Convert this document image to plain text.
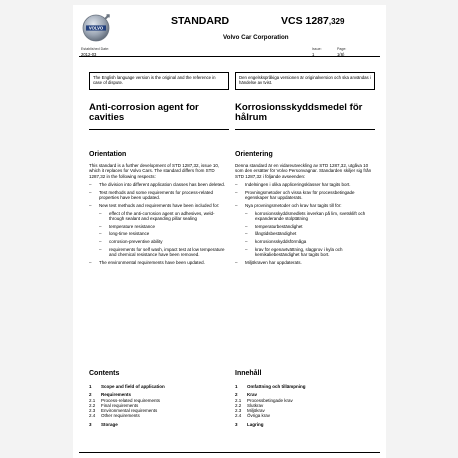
VOLVO
STANDARD	VCS 1287,329
Volvo Car Corporation
Established Date:
2012-03
Issue:
1
Page:
1(6)
The English language version is the original and the reference in case of dispute.
Den engelskspråkiga versionen är originalversion och ska användas i händelse av tvist.
Anti-corrosion agent for cavities
Korrosionsskyddsmedel för hålrum
Orientation	Orientering
This standard is a further development of STD 1287,32, issue 10, which it replaces for Volvo Cars. The standard differs from STD 1287,32 in the following respects:
– The division into different application classes has been deleted.
– Test methods and some requirements for process-related properties have been updated.
– New test methods and requirements have been included for:
– effect of the anti-corrosion agent on adhesives, weld-through sealant and expanding pillar sealing
– temperature resistance
– long-time resistance
– corrosion-preventive ability
– requirements for self wash, impact test at low temperature and chemical resistance have been removed.
– The environmental requirements have been updated.
Denna standard är en vidareutveckling av STD 1287,32, utgåva 10 som den ersätter för Volvo Personvagnar. Standarden skiljer sig från STD 1287,32 i följande avseenden:
– Indelningen i olika appliceringsklasser har tagits bort.
– Provningsmetoder och vissa krav för processbetingade egenskaper har uppdaterats.
– Nya provningsmetoder och krav har tagits till för:
– korrosionsskyddsmedlets inverkan på lim, svetsklift och expanderande stolptätning
– temperaturbeständighet
– långtidsbeständighet
– korrosionsskyddsförmåga
– krav för egenavtvättning, slagprov i kyla och kemikaliebeständighet har tagits bort.
– Miljökraven har uppdaterats.
Contents	Innehåll
1 Scope and field of application
2 Requirements
2.1 Process-related requirements
2.2 Final requirements
2.3 Environmental requirements
2.4 Other requirements
3 Storage
1 Omfattning och tillämpning
2 Krav
2.1 Processbetingade krav
2.2 Slutkrav
2.3 Miljökrav
2.4 Övriga krav
3 Lagring
